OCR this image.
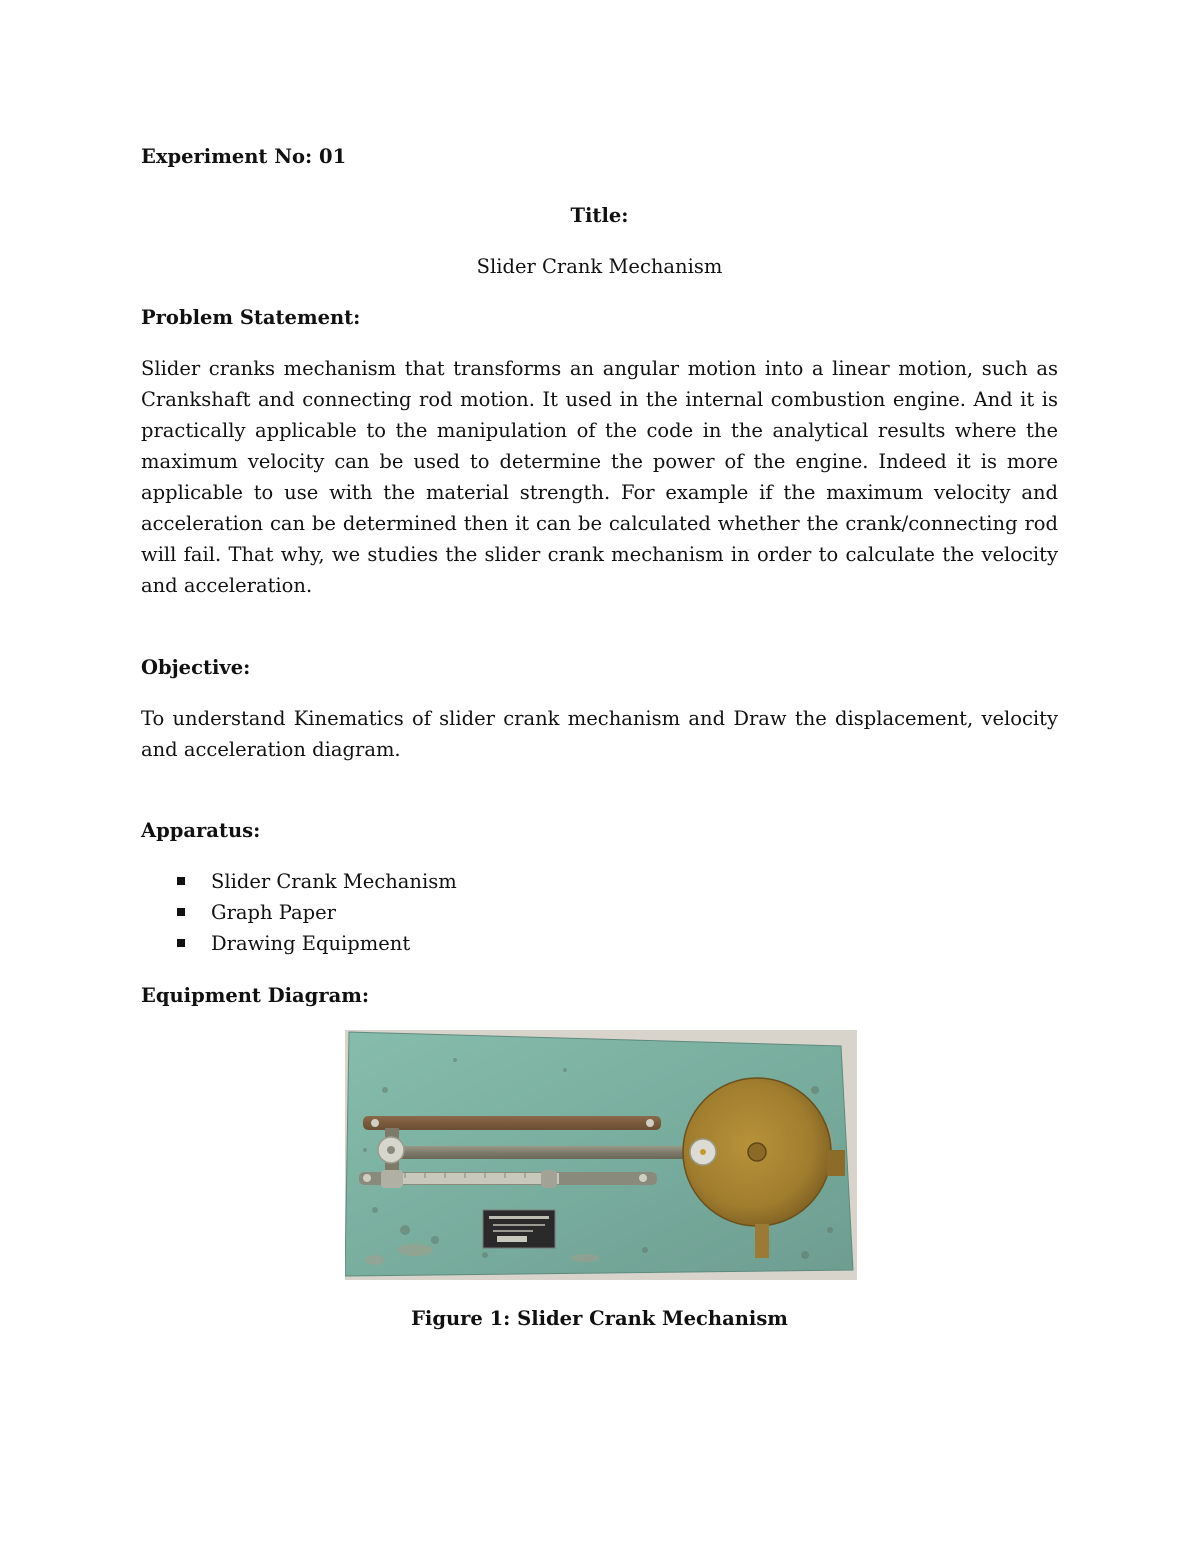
Experiment No: 01
Title:
Slider Crank Mechanism
Problem Statement:
Slider cranks mechanism that transforms an angular motion into a linear motion, such as Crankshaft and connecting rod motion. It used in the internal combustion engine. And it is practically applicable to the manipulation of the code in the analytical results where the maximum velocity can be used to determine the power of the engine. Indeed it is more applicable to use with the material strength. For example if the maximum velocity and acceleration can be determined then it can be calculated whether the crank/connecting rod will fail. That why, we studies the slider crank mechanism in order to calculate the velocity and acceleration.
Objective:
To understand Kinematics of slider crank mechanism and Draw the displacement, velocity and acceleration diagram.
Apparatus:
Slider Crank Mechanism
Graph Paper
Drawing Equipment
Equipment Diagram:
Figure 1: Slider Crank Mechanism
